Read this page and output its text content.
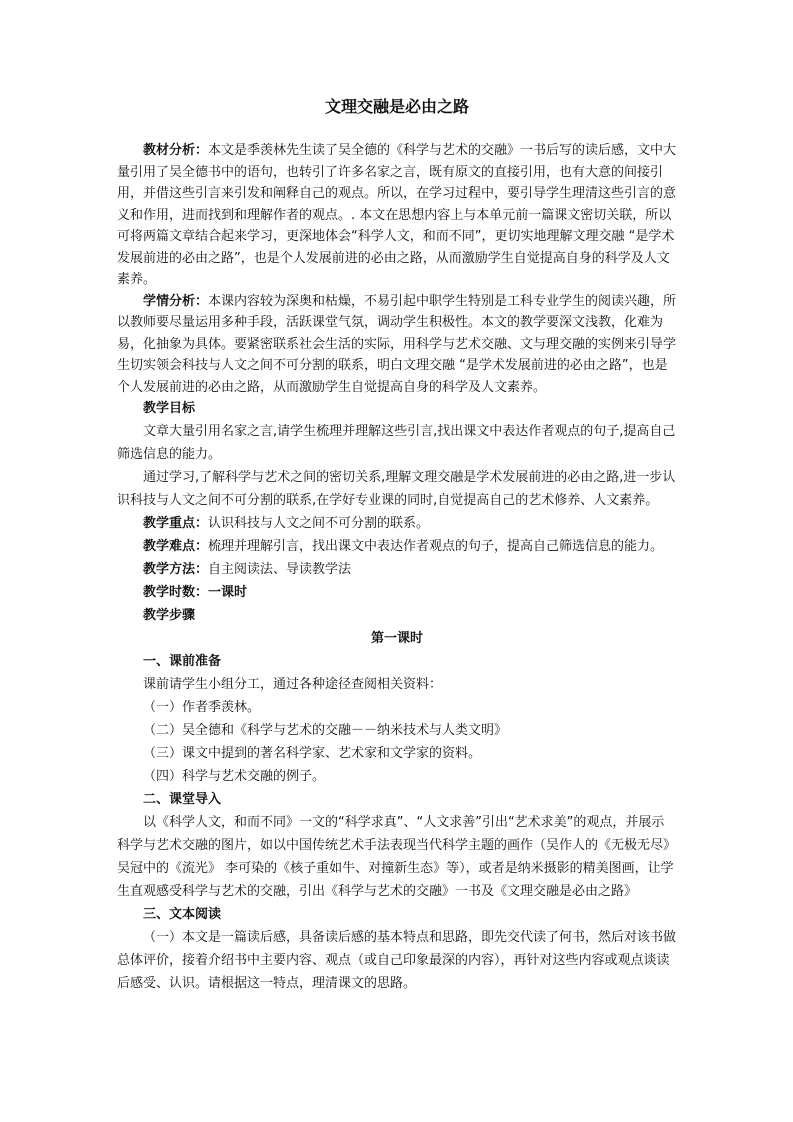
文理交融是必由之路

教材分析：本文是季羡林先生读了吴全德的《科学与艺术的交融》一书后写的读后感，文中大量引用了吴全德书中的语句，也转引了许多名家之言，既有原文的直接引用，也有大意的间接引用，并借这些引言来引发和阐释自己的观点。所以，在学习过程中，要引导学生理清这些引言的意义和作用，进而找到和理解作者的观点。. 本文在思想内容上与本单元前一篇课文密切关联，所以可将两篇文章结合起来学习，更深地体会“科学人文，和而不同”，更切实地理解文理交融 “是学术发展前进的必由之路”，也是个人发展前进的必由之路，从而激励学生自觉提高自身的科学及人文素养。

学情分析：本课内容较为深奥和枯燥，不易引起中职学生特别是工科专业学生的阅读兴趣，所以教师要尽量运用多种手段，活跃课堂气氛，调动学生积极性。本文的教学要深文浅教，化难为易，化抽象为具体。要紧密联系社会生活的实际，用科学与艺术交融、文与理交融的实例来引导学生切实领会科技与人文之间不可分割的联系，明白文理交融 “是学术发展前进的必由之路”，也是个人发展前进的必由之路，从而激励学生自觉提高自身的科学及人文素养。

教学目标

文章大量引用名家之言,请学生梳理并理解这些引言,找出课文中表达作者观点的句子,提高自己筛选信息的能力。

通过学习,了解科学与艺术之间的密切关系,理解文理交融是学术发展前进的必由之路,进一步认识科技与人文之间不可分割的联系,在学好专业课的同时,自觉提高自己的艺术修养、人文素养。

教学重点：认识科技与人文之间不可分割的联系。

教学难点：梳理并理解引言，找出课文中表达作者观点的句子，提高自己筛选信息的能力。

教学方法：自主阅读法、导读教学法

教学时数：一课时

教学步骤

第一课时

一、课前准备

课前请学生小组分工，通过各种途径查阅相关资料：

（一）作者季羡林。

（二）吴全德和《科学与艺术的交融－－纳米技术与人类文明》

（三）课文中提到的著名科学家、艺术家和文学家的资料。

（四）科学与艺术交融的例子。

二、课堂导入

以《科学人文，和而不同》一文的“科学求真”、“人文求善”引出“艺术求美”的观点，并展示科学与艺术交融的图片，如以中国传统艺术手法表现当代科学主题的画作（吴作人的《无极无尽》 吴冠中的《流光》 李可染的《核子重如牛、对撞新生态》等），或者是纳米摄影的精美图画，让学生直观感受科学与艺术的交融，引出《科学与艺术的交融》一书及《文理交融是必由之路》

三、文本阅读

（一）本文是一篇读后感，具备读后感的基本特点和思路，即先交代读了何书，然后对该书做总体评价，接着介绍书中主要内容、观点（或自己印象最深的内容），再针对这些内容或观点谈读后感受、认识。请根据这一特点，理清课文的思路。
